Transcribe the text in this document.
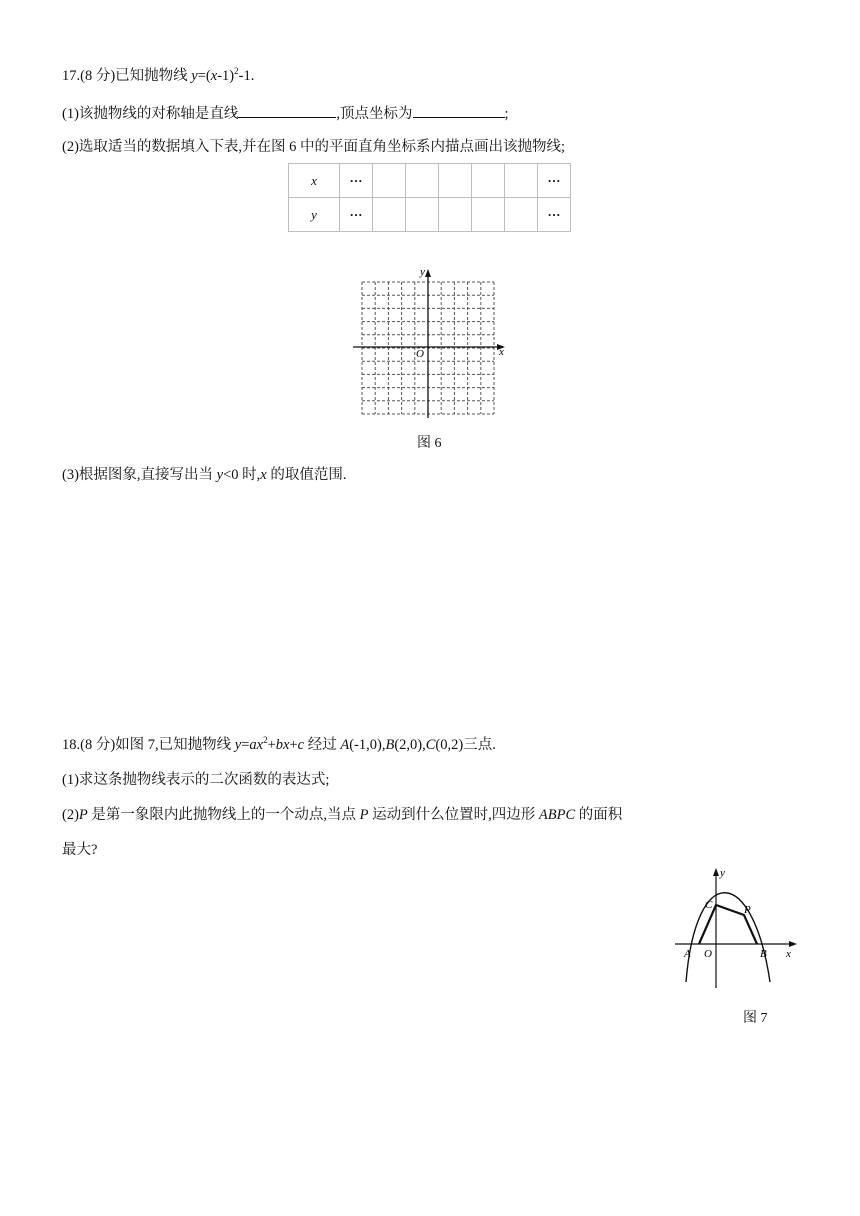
17.(8 分)已知抛物线 $y=(x-1)^2-1$.
(1)该抛物线的对称轴是直线	,顶点坐标为	;
(2)选取适当的数据填入下表,并在图 6 中的平面直角坐标系内描点画出该抛物线;
x	···						···
y	···						···
y
x
O
图 6
(3)根据图象,直接写出当 y<0 时,x 的取值范围.
18.(8 分)如图 7,已知抛物线 $y=ax^2+bx+c$ 经过 A(-1,0),B(2,0),C(0,2)三点.
(1)求这条抛物线表示的二次函数的表达式;
(2)P 是第一象限内此抛物线上的一个动点,当点 P 运动到什么位置时,四边形 ABPC 的面积
最大?
y
x
O
A	B
C	P
图 7
